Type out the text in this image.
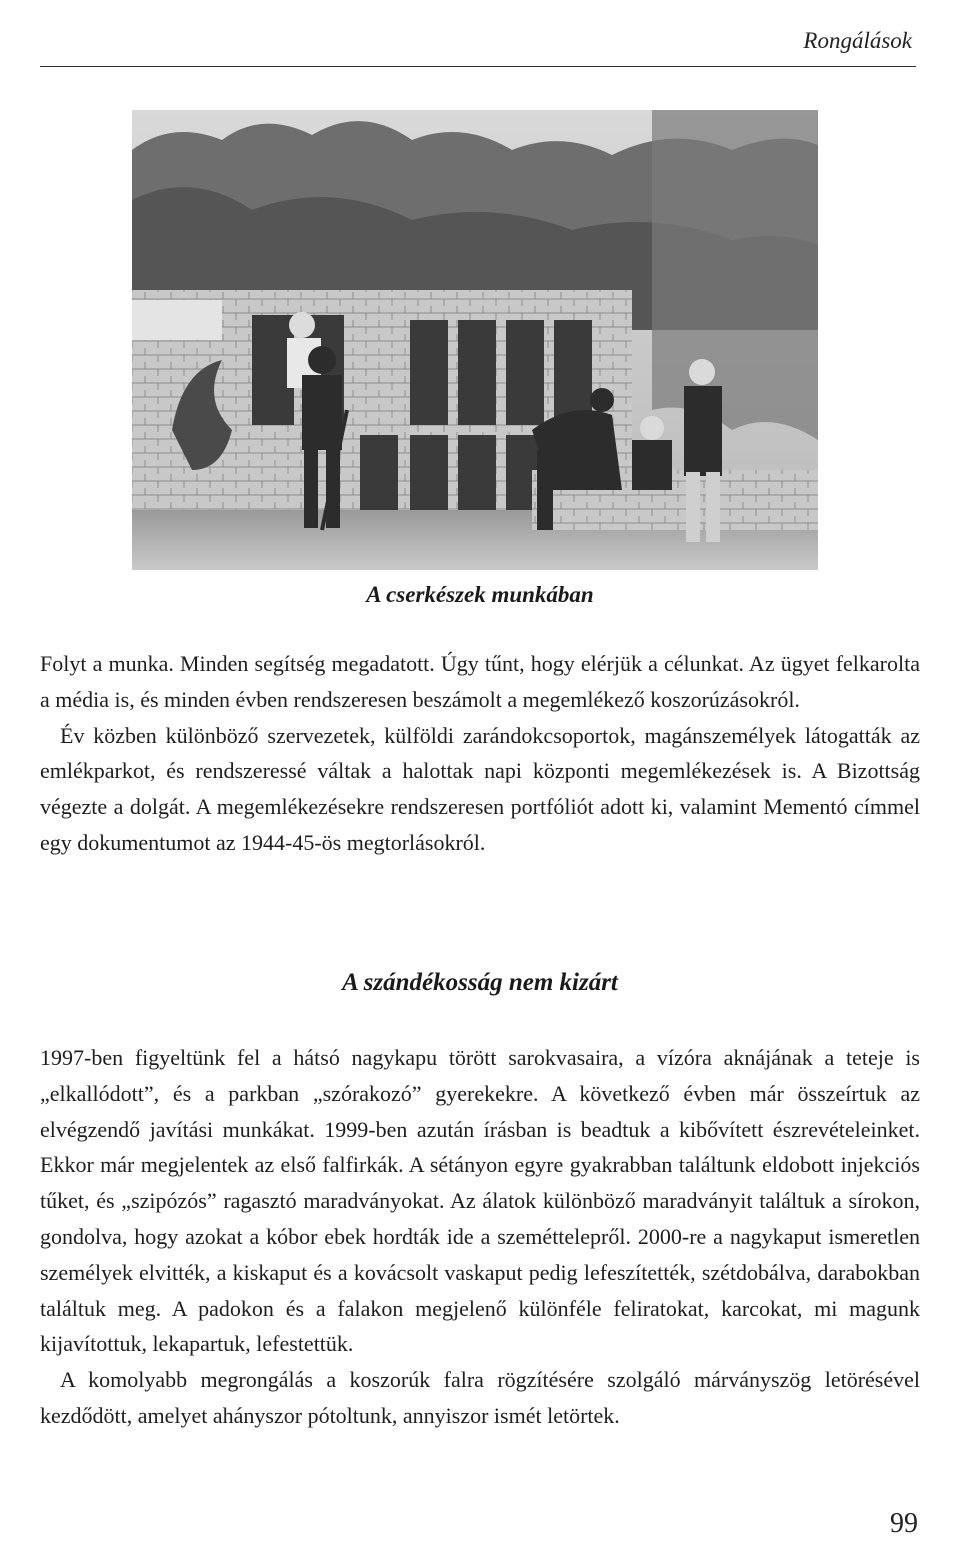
Rongálások
A cserkészek munkában

Folyt a munka. Minden segítség megadatott. Úgy tűnt, hogy elérjük a célunkat. Az ügyet felkarolta a média is, és minden évben rendszeresen beszámolt a megemlékező koszorúzásokról.

Év közben különböző szervezetek, külföldi zarándokcsoportok, magánszemélyek látogatták az emlékparkot, és rendszeressé váltak a halottak napi központi megemlékezések is. A Bizottság végezte a dolgát. A megemlékezésekre rendszeresen portfóliót adott ki, valamint Mementó címmel egy dokumentumot az 1944-45-ös megtorlásokról.

A szándékosság nem kizárt

1997-ben figyeltünk fel a hátsó nagykapu törött sarokvasaira, a vízóra aknájának a teteje is „elkallódott”, és a parkban „szórakozó” gyerekekre. A következő évben már összeírtuk az elvégzendő javítási munkákat. 1999-ben azután írásban is beadtuk a kibővített észrevételeinket. Ekkor már megjelentek az első falfirkák. A sétányon egyre gyakrabban találtunk eldobott injekciós tűket, és „szipózós” ragasztó maradványokat. Az álatok különböző maradványit találtuk a sírokon, gondolva, hogy azokat a kóbor ebek hordták ide a szeméttelepről. 2000-re a nagykaput ismeretlen személyek elvitték, a kiskaput és a kovácsolt vaskaput pedig lefeszítették, szétdobálva, darabokban találtuk meg. A padokon és a falakon megjelenő különféle feliratokat, karcokat, mi magunk kijavítottuk, lekapartuk, lefestettük.

A komolyabb megrongálás a koszorúk falra rögzítésére szolgáló márványszög letörésével kezdődött, amelyet ahányszor pótoltunk, annyiszor ismét letörtek.

99
